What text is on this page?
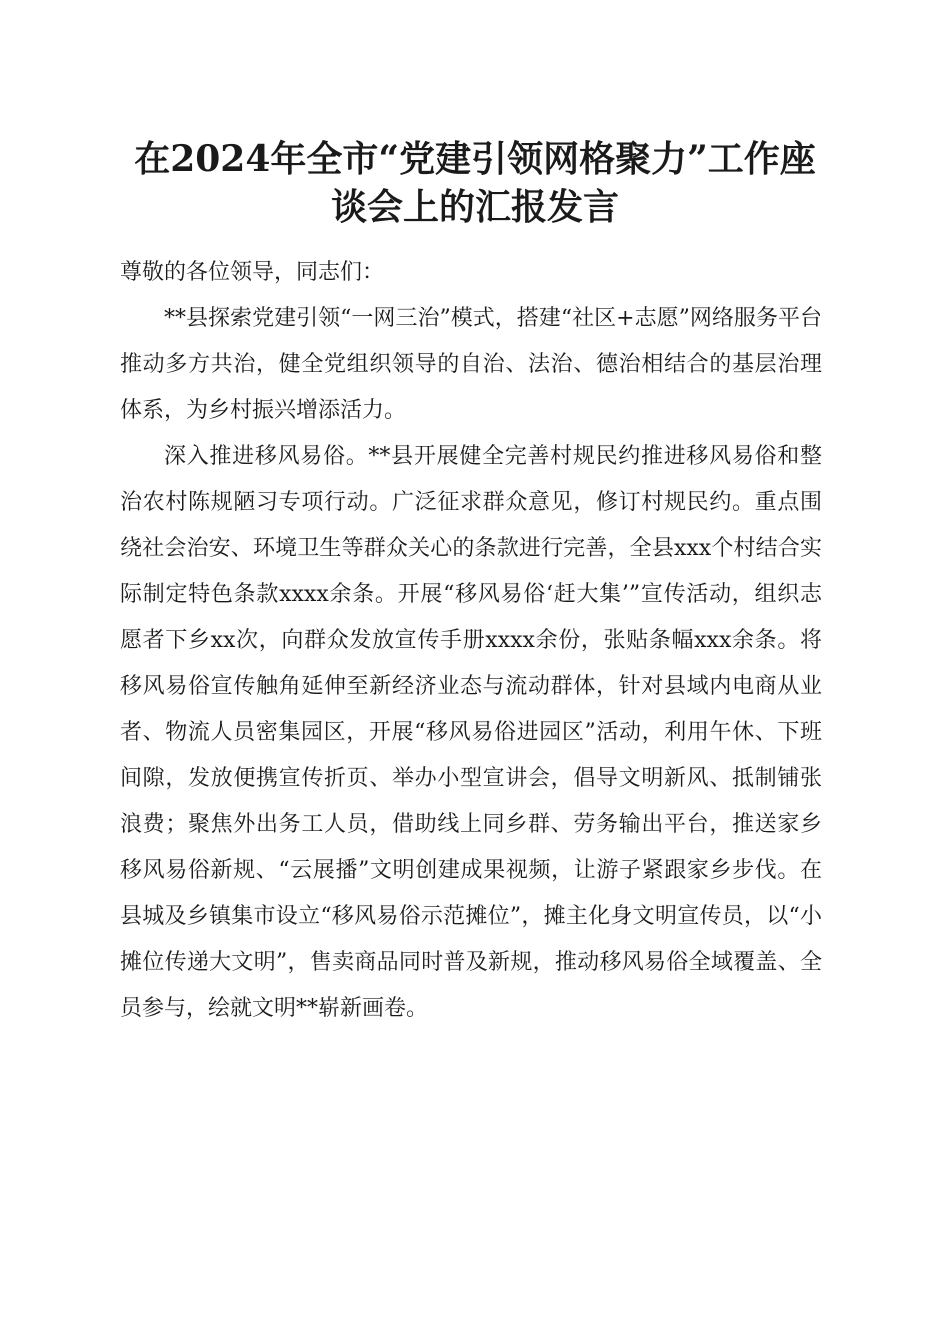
在2024年全市“党建引领网格聚力”工作座
谈会上的汇报发言

尊敬的各位领导，同志们：

**县探索党建引领“一网三治”模式，搭建“社区+志愿”网络服务平台推动多方共治，健全党组织领导的自治、法治、德治相结合的基层治理体系，为乡村振兴增添活力。

深入推进移风易俗。**县开展健全完善村规民约推进移风易俗和整治农村陈规陋习专项行动。广泛征求群众意见，修订村规民约。重点围绕社会治安、环境卫生等群众关心的条款进行完善，全县xxx个村结合实际制定特色条款xxxx余条。开展“移风易俗‘赶大集’”宣传活动，组织志愿者下乡xx次，向群众发放宣传手册xxxx余份，张贴条幅xxx余条。将移风易俗宣传触角延伸至新经济业态与流动群体，针对县域内电商从业者、物流人员密集园区，开展“移风易俗进园区”活动，利用午休、下班间隙，发放便携宣传折页、举办小型宣讲会，倡导文明新风、抵制铺张浪费；聚焦外出务工人员，借助线上同乡群、劳务输出平台，推送家乡移风易俗新规、“云展播”文明创建成果视频，让游子紧跟家乡步伐。在县城及乡镇集市设立“移风易俗示范摊位”，摊主化身文明宣传员，以“小摊位传递大文明”，售卖商品同时普及新规，推动移风易俗全域覆盖、全员参与，绘就文明**崭新画卷。
